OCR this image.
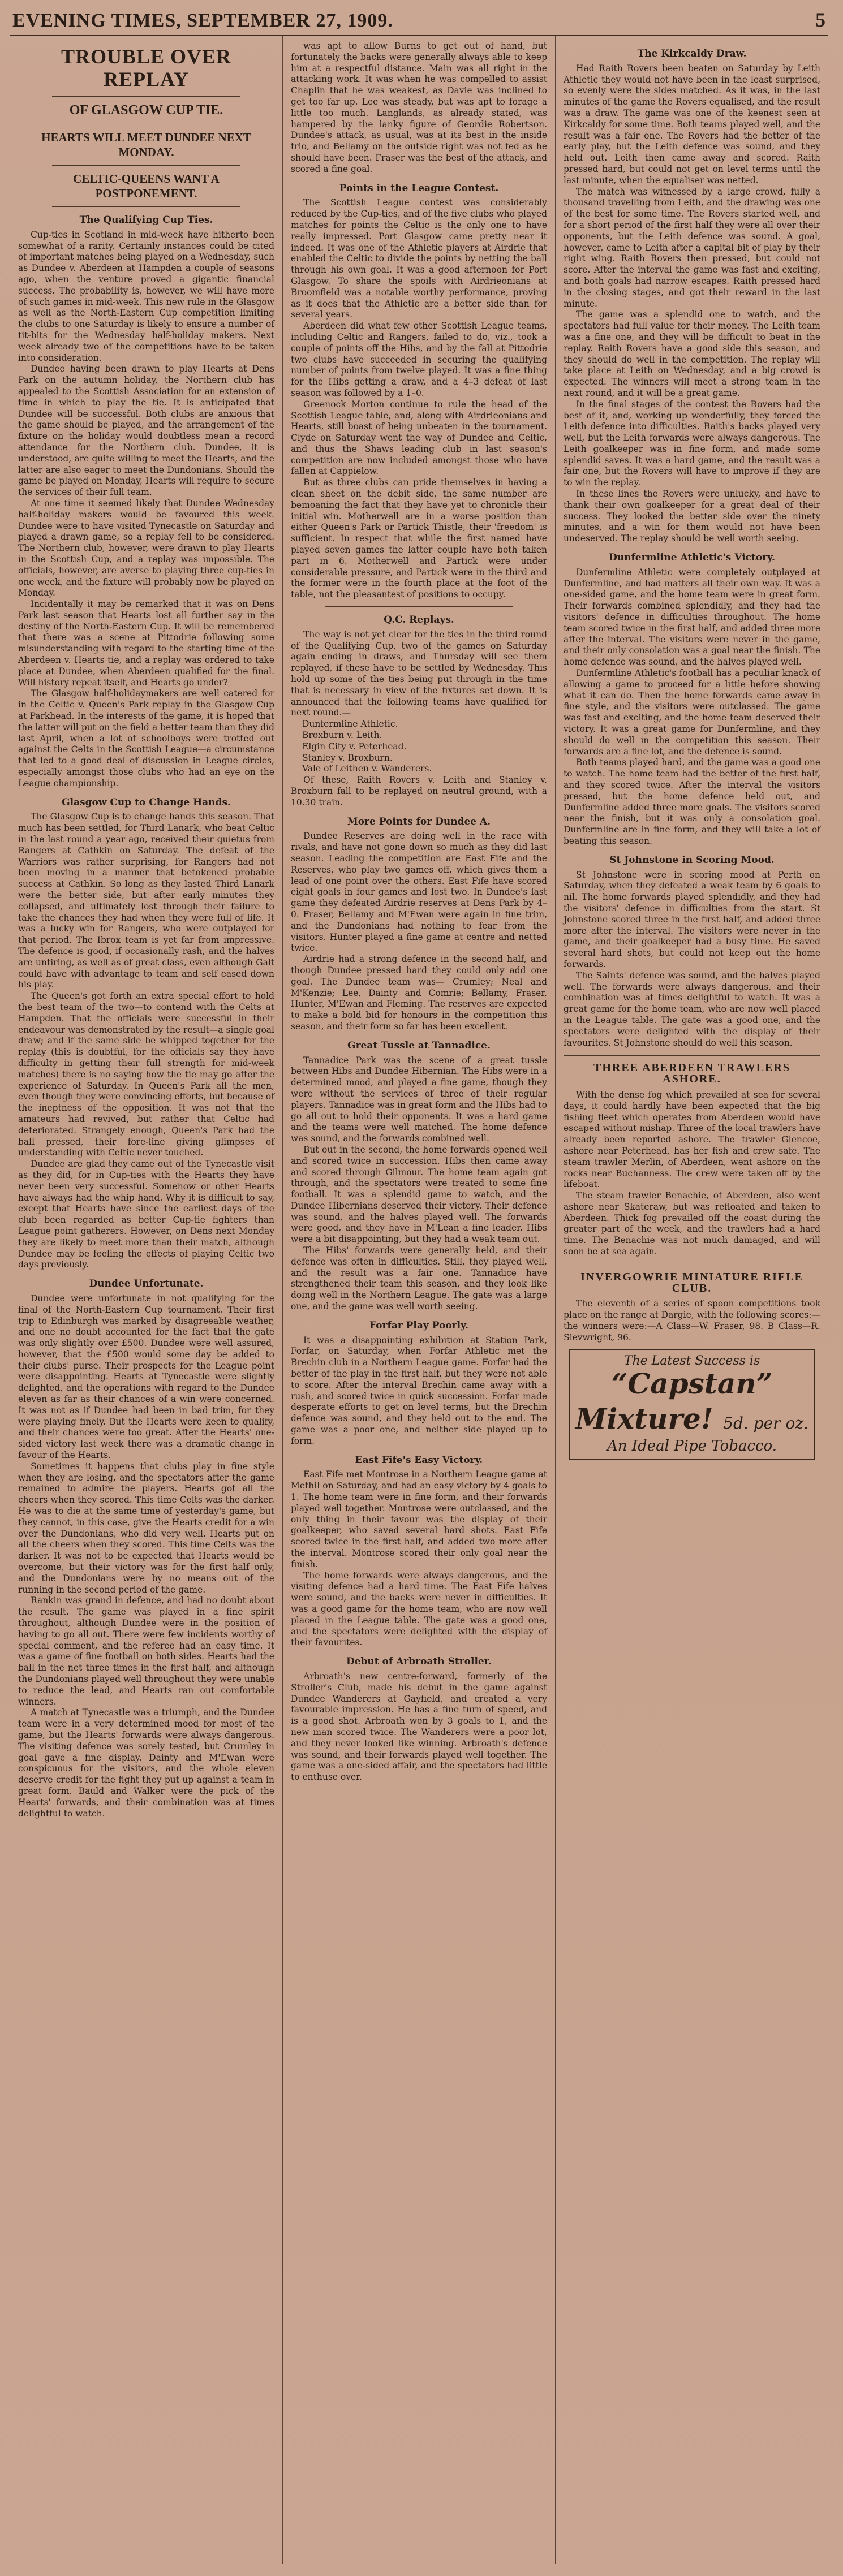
EVENING TIMES, SEPTEMBER 27, 1909.	5
TROUBLE OVER REPLAY
OF GLASGOW CUP TIE.
HEARTS WILL MEET DUNDEE NEXT MONDAY.
CELTIC-QUEENS WANT A POSTPONEMENT.
The Qualifying Cup Ties.

Cup-ties in Scotland in mid-week have hitherto been somewhat of a rarity. Certainly instances could be cited of important matches being played on a Wednesday, such as Dundee v. Aberdeen at Hampden a couple of seasons ago, when the venture proved a gigantic financial success. The probability is, however, we will have more of such games in mid-week. This new rule in the Glasgow as well as the North-Eastern Cup competition limiting the clubs to one Saturday is likely to ensure a number of tit-bits for the Wednesday half-holiday makers. Next week already two of the competitions have to be taken into consideration.

Dundee having been drawn to play Hearts at Dens Park on the autumn holiday, the Northern club has appealed to the Scottish Association for an extension of time in which to play the tie. It is anticipated that Dundee will be successful. Both clubs are anxious that the game should be played, and the arrangement of the fixture on the holiday would doubtless mean a record attendance for the Northern club. Dundee, it is understood, are quite willing to meet the Hearts, and the latter are also eager to meet the Dundonians. Should the game be played on Monday, Hearts will require to secure the services of their full team.

At one time it seemed likely that Dundee Wednesday half-holiday makers would be favoured this week. Dundee were to have visited Tynecastle on Saturday and played a drawn game, so a replay fell to be considered. The Northern club, however, were drawn to play Hearts in the Scottish Cup, and a replay was impossible. The officials, however, are averse to playing three cup-ties in one week, and the fixture will probably now be played on Monday.

Incidentally it may be remarked that it was on Dens Park last season that Hearts lost all further say in the destiny of the North-Eastern Cup. It will be remembered that there was a scene at Pittodrie following some misunderstanding with regard to the starting time of the Aberdeen v. Hearts tie, and a replay was ordered to take place at Dundee, when Aberdeen qualified for the final. Will history repeat itself, and Hearts go under?

The Glasgow half-holidaymakers are well catered for in the Celtic v. Queen's Park replay in the Glasgow Cup at Parkhead. In the interests of the game, it is hoped that the latter will put on the field a better team than they did last April, when a lot of schoolboys were trotted out against the Celts in the Scottish League—a circumstance that led to a good deal of discussion in League circles, especially amongst those clubs who had an eye on the League championship.

Glasgow Cup to Change Hands.

The Glasgow Cup is to change hands this season. That much has been settled, for Third Lanark, who beat Celtic in the last round a year ago, received their quietus from Rangers at Cathkin on Saturday. The defeat of the Warriors was rather surprising, for Rangers had not been moving in a manner that betokened probable success at Cathkin. So long as they lasted Third Lanark were the better side, but after early minutes they collapsed, and ultimately lost through their failure to take the chances they had when they were full of life. It was a lucky win for Rangers, who were outplayed for that period. The Ibrox team is yet far from impressive. The defence is good, if occasionally rash, and the halves are untiring, as well as of great class, even although Galt could have with advantage to team and self eased down his play.

The Queen's got forth an extra special effort to hold the best team of the two—to contend with the Celts at Hampden. That the officials were successful in their endeavour was demonstrated by the result—a single goal draw; and if the same side be whipped together for the replay (this is doubtful, for the officials say they have difficulty in getting their full strength for mid-week matches) there is no saying how the tie may go after the experience of Saturday. In Queen's Park all the men, even though they were convincing efforts, but because of the ineptness of the opposition. It was not that the amateurs had revived, but rather that Celtic had deteriorated. Strangely enough, Queen's Park had the ball pressed, their fore-line giving glimpses of understanding with Celtic never touched.

Dundee are glad they came out of the Tynecastle visit as they did, for in Cup-ties with the Hearts they have never been very successful. Somehow or other Hearts have always had the whip hand. Why it is difficult to say, except that Hearts have since the earliest days of the club been regarded as better Cup-tie fighters than League point gatherers. However, on Dens next Monday they are likely to meet more than their match, although Dundee may be feeling the effects of playing Celtic two days previously.

Dundee Unfortunate.

Dundee were unfortunate in not qualifying for the final of the North-Eastern Cup tournament. Their first trip to Edinburgh was marked by disagreeable weather, and one no doubt accounted for the fact that the gate was only slightly over £500. Dundee were well assured, however, that the £500 would some day be added to their clubs' purse. Their prospects for the League point were disappointing. Hearts at Tynecastle were slightly delighted, and the operations with regard to the Dundee eleven as far as their chances of a win were concerned. It was not as if Dundee had been in bad trim, for they were playing finely. But the Hearts were keen to qualify, and their chances were too great. After the Hearts' one-sided victory last week there was a dramatic change in favour of the Hearts.

Sometimes it happens that clubs play in fine style when they are losing, and the spectators after the game remained to admire the players. Hearts got all the cheers when they scored. This time Celts was the darker. He was to die at the same time of yesterday's game, but they cannot, in this case, give the Hearts credit for a win over the Dundonians, who did very well. Hearts put on all the cheers when they scored. This time Celts was the darker. It was not to be expected that Hearts would be overcome, but their victory was for the first half only, and the Dundonians were by no means out of the running in the second period of the game.

Rankin was grand in defence, and had no doubt about the result. The game was played in a fine spirit throughout, although Dundee were in the position of having to go all out. There were few incidents worthy of special comment, and the referee had an easy time. It was a game of fine football on both sides. Hearts had the ball in the net three times in the first half, and although the Dundonians played well throughout they were unable to reduce the lead, and Hearts ran out comfortable winners.

A match at Tynecastle was a triumph, and the Dundee team were in a very determined mood for most of the game, but the Hearts' forwards were always dangerous. The visiting defence was sorely tested, but Crumley in goal gave a fine display. Dainty and M'Ewan were conspicuous for the visitors, and the whole eleven deserve credit for the fight they put up against a team in great form. Bauld and Walker were the pick of the Hearts' forwards, and their combination was at times delightful to watch.

was apt to allow Burns to get out of hand, but fortunately the backs were generally always able to keep him at a respectful distance. Main was all right in the attacking work. It was when he was compelled to assist Chaplin that he was weakest, as Davie was inclined to get too far up. Lee was steady, but was apt to forage a little too much. Langlands, as already stated, was hampered by the lanky figure of Geordie Robertson. Dundee's attack, as usual, was at its best in the inside trio, and Bellamy on the outside right was not fed as he should have been. Fraser was the best of the attack, and scored a fine goal.

Points in the League Contest.

The Scottish League contest was considerably reduced by the Cup-ties, and of the five clubs who played matches for points the Celtic is the only one to have really impressed. Port Glasgow came pretty near it indeed. It was one of the Athletic players at Airdrie that enabled the Celtic to divide the points by netting the ball through his own goal. It was a good afternoon for Port Glasgow. To share the spoils with Airdrieonians at Broomfield was a notable worthy performance, proving as it does that the Athletic are a better side than for several years.

Aberdeen did what few other Scottish League teams, including Celtic and Rangers, failed to do, viz., took a couple of points off the Hibs, and by the fall at Pittodrie two clubs have succeeded in securing the qualifying number of points from twelve played. It was a fine thing for the Hibs getting a draw, and a 4–3 defeat of last season was followed by a 1–0.

Greenock Morton continue to rule the head of the Scottish League table, and, along with Airdrieonians and Hearts, still boast of being unbeaten in the tournament. Clyde on Saturday went the way of Dundee and Celtic, and thus the Shaws leading club in last season's competition are now included amongst those who have fallen at Cappielow.

But as three clubs can pride themselves in having a clean sheet on the debit side, the same number are bemoaning the fact that they have yet to chronicle their initial win. Motherwell are in a worse position than either Queen's Park or Partick Thistle, their 'freedom' is sufficient. In respect that while the first named have played seven games the latter couple have both taken part in 6. Motherwell and Partick were under considerable pressure, and Partick were in the third and the former were in the fourth place at the foot of the table, not the pleasantest of positions to occupy.

Q.C. Replays.

The way is not yet clear for the ties in the third round of the Qualifying Cup, two of the games on Saturday again ending in draws, and Thursday will see them replayed, if these have to be settled by Wednesday. This hold up some of the ties being put through in the time that is necessary in view of the fixtures set down. It is announced that the following teams have qualified for next round.—

Dunfermline Athletic.

Broxburn v. Leith.

Elgin City v. Peterhead.

Stanley v. Broxburn.

Vale of Leithen v. Wanderers.

Of these, Raith Rovers v. Leith and Stanley v. Broxburn fall to be replayed on neutral ground, with a 10.30 train.

More Points for Dundee A.

Dundee Reserves are doing well in the race with rivals, and have not gone down so much as they did last season. Leading the competition are East Fife and the Reserves, who play two games off, which gives them a lead of one point over the others. East Fife have scored eight goals in four games and lost two. In Dundee's last game they defeated Airdrie reserves at Dens Park by 4–0. Fraser, Bellamy and M'Ewan were again in fine trim, and the Dundonians had nothing to fear from the visitors. Hunter played a fine game at centre and netted twice.

Airdrie had a strong defence in the second half, and though Dundee pressed hard they could only add one goal. The Dundee team was— Crumley; Neal and M'Kenzie; Lee, Dainty and Comrie; Bellamy, Fraser, Hunter, M'Ewan and Fleming. The reserves are expected to make a bold bid for honours in the competition this season, and their form so far has been excellent.

Great Tussle at Tannadice.

Tannadice Park was the scene of a great tussle between Hibs and Dundee Hibernian. The Hibs were in a determined mood, and played a fine game, though they were without the services of three of their regular players. Tannadice was in great form and the Hibs had to go all out to hold their opponents. It was a hard game and the teams were well matched. The home defence was sound, and the forwards combined well.

But out in the second, the home forwards opened well and scored twice in succession. Hibs then came away and scored through Gilmour. The home team again got through, and the spectators were treated to some fine football. It was a splendid game to watch, and the Dundee Hibernians deserved their victory. Their defence was sound, and the halves played well. The forwards were good, and they have in M'Lean a fine leader. Hibs were a bit disappointing, but they had a weak team out.

The Hibs' forwards were generally held, and their defence was often in difficulties. Still, they played well, and the result was a fair one. Tannadice have strengthened their team this season, and they look like doing well in the Northern League. The gate was a large one, and the game was well worth seeing.

Forfar Play Poorly.

It was a disappointing exhibition at Station Park, Forfar, on Saturday, when Forfar Athletic met the Brechin club in a Northern League game. Forfar had the better of the play in the first half, but they were not able to score. After the interval Brechin came away with a rush, and scored twice in quick succession. Forfar made desperate efforts to get on level terms, but the Brechin defence was sound, and they held out to the end. The game was a poor one, and neither side played up to form.

East Fife's Easy Victory.

East Fife met Montrose in a Northern League game at Methil on Saturday, and had an easy victory by 4 goals to 1. The home team were in fine form, and their forwards played well together. Montrose were outclassed, and the only thing in their favour was the display of their goalkeeper, who saved several hard shots. East Fife scored twice in the first half, and added two more after the interval. Montrose scored their only goal near the finish.

The home forwards were always dangerous, and the visiting defence had a hard time. The East Fife halves were sound, and the backs were never in difficulties. It was a good game for the home team, who are now well placed in the League table. The gate was a good one, and the spectators were delighted with the display of their favourites.

Debut of Arbroath Stroller.

Arbroath's new centre-forward, formerly of the Stroller's Club, made his debut in the game against Dundee Wanderers at Gayfield, and created a very favourable impression. He has a fine turn of speed, and is a good shot. Arbroath won by 3 goals to 1, and the new man scored twice. The Wanderers were a poor lot, and they never looked like winning. Arbroath's defence was sound, and their forwards played well together. The game was a one-sided affair, and the spectators had little to enthuse over.

The Kirkcaldy Draw.

Had Raith Rovers been beaten on Saturday by Leith Athletic they would not have been in the least surprised, so evenly were the sides matched. As it was, in the last minutes of the game the Rovers equalised, and the result was a draw. The game was one of the keenest seen at Kirkcaldy for some time. Both teams played well, and the result was a fair one. The Rovers had the better of the early play, but the Leith defence was sound, and they held out. Leith then came away and scored. Raith pressed hard, but could not get on level terms until the last minute, when the equaliser was netted.

The match was witnessed by a large crowd, fully a thousand travelling from Leith, and the drawing was one of the best for some time. The Rovers started well, and for a short period of the first half they were all over their opponents, but the Leith defence was sound. A goal, however, came to Leith after a capital bit of play by their right wing. Raith Rovers then pressed, but could not score. After the interval the game was fast and exciting, and both goals had narrow escapes. Raith pressed hard in the closing stages, and got their reward in the last minute.

The game was a splendid one to watch, and the spectators had full value for their money. The Leith team was a fine one, and they will be difficult to beat in the replay. Raith Rovers have a good side this season, and they should do well in the competition. The replay will take place at Leith on Wednesday, and a big crowd is expected. The winners will meet a strong team in the next round, and it will be a great game.

In the final stages of the contest the Rovers had the best of it, and, working up wonderfully, they forced the Leith defence into difficulties. Raith's backs played very well, but the Leith forwards were always dangerous. The Leith goalkeeper was in fine form, and made some splendid saves. It was a hard game, and the result was a fair one, but the Rovers will have to improve if they are to win the replay.

In these lines the Rovers were unlucky, and have to thank their own goalkeeper for a great deal of their success. They looked the better side over the ninety minutes, and a win for them would not have been undeserved. The replay should be well worth seeing.

Dunfermline Athletic's Victory.

Dunfermline Athletic were completely outplayed at Dunfermline, and had matters all their own way. It was a one-sided game, and the home team were in great form. Their forwards combined splendidly, and they had the visitors' defence in difficulties throughout. The home team scored twice in the first half, and added three more after the interval. The visitors were never in the game, and their only consolation was a goal near the finish. The home defence was sound, and the halves played well.

Dunfermline Athletic's football has a peculiar knack of allowing a game to proceed for a little before showing what it can do. Then the home forwards came away in fine style, and the visitors were outclassed. The game was fast and exciting, and the home team deserved their victory. It was a great game for Dunfermline, and they should do well in the competition this season. Their forwards are a fine lot, and the defence is sound.

Both teams played hard, and the game was a good one to watch. The home team had the better of the first half, and they scored twice. After the interval the visitors pressed, but the home defence held out, and Dunfermline added three more goals. The visitors scored near the finish, but it was only a consolation goal. Dunfermline are in fine form, and they will take a lot of beating this season.

St Johnstone in Scoring Mood.

St Johnstone were in scoring mood at Perth on Saturday, when they defeated a weak team by 6 goals to nil. The home forwards played splendidly, and they had the visitors' defence in difficulties from the start. St Johnstone scored three in the first half, and added three more after the interval. The visitors were never in the game, and their goalkeeper had a busy time. He saved several hard shots, but could not keep out the home forwards.

The Saints' defence was sound, and the halves played well. The forwards were always dangerous, and their combination was at times delightful to watch. It was a great game for the home team, who are now well placed in the League table. The gate was a good one, and the spectators were delighted with the display of their favourites. St Johnstone should do well this season.

THREE ABERDEEN TRAWLERS ASHORE.

With the dense fog which prevailed at sea for several days, it could hardly have been expected that the big fishing fleet which operates from Aberdeen would have escaped without mishap. Three of the local trawlers have already been reported ashore. The trawler Glencoe, ashore near Peterhead, has her fish and crew safe. The steam trawler Merlin, of Aberdeen, went ashore on the rocks near Buchanness. The crew were taken off by the lifeboat.

The steam trawler Benachie, of Aberdeen, also went ashore near Skateraw, but was refloated and taken to Aberdeen. Thick fog prevailed off the coast during the greater part of the week, and the trawlers had a hard time. The Benachie was not much damaged, and will soon be at sea again.

INVERGOWRIE MINIATURE RIFLE CLUB.

The eleventh of a series of spoon competitions took place on the range at Dargie, with the following scores:—the winners were:—A Class—W. Fraser, 98. B Class—R. Sievwright, 96.

The Latest Success is
“Capstan” Mixture! 5d. per oz.
An Ideal Pipe Tobacco.
